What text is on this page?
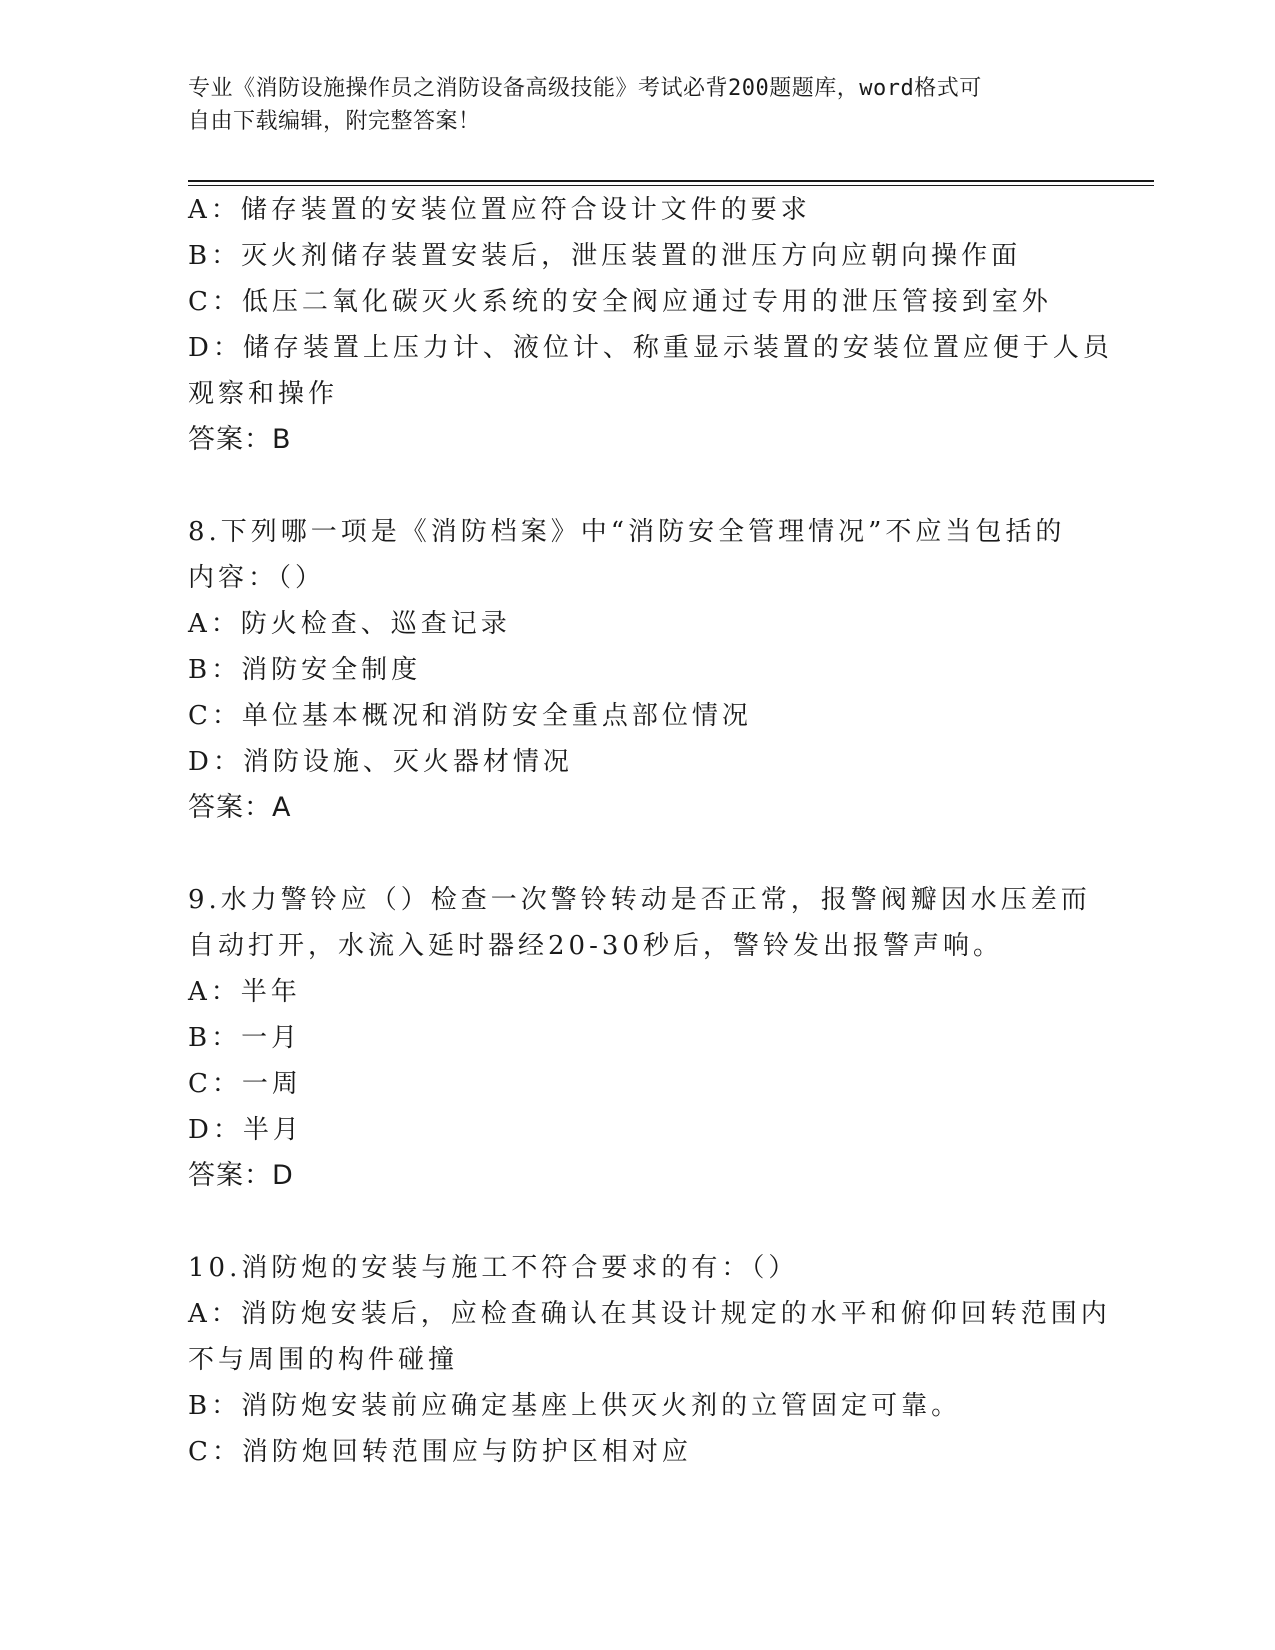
专业《消防设施操作员之消防设备高级技能》考试必背200题题库，word格式可
自由下载编辑，附完整答案！
A：储存装置的安装位置应符合设计文件的要求
B：灭火剂储存装置安装后，泄压装置的泄压方向应朝向操作面
C：低压二氧化碳灭火系统的安全阀应通过专用的泄压管接到室外
D：储存装置上压力计、液位计、称重显示装置的安装位置应便于人员
观察和操作
答案：B
8.下列哪一项是《消防档案》中“消防安全管理情况”不应当包括的
内容：（）
A：防火检查、巡查记录
B：消防安全制度
C：单位基本概况和消防安全重点部位情况
D：消防设施、灭火器材情况
答案：A
9.水力警铃应（）检查一次警铃转动是否正常，报警阀瓣因水压差而
自动打开，水流入延时器经20-30秒后，警铃发出报警声响。
A：半年
B：一月
C：一周
D：半月
答案：D
10.消防炮的安装与施工不符合要求的有：（）
A：消防炮安装后，应检查确认在其设计规定的水平和俯仰回转范围内
不与周围的构件碰撞
B：消防炮安装前应确定基座上供灭火剂的立管固定可靠。
C：消防炮回转范围应与防护区相对应
